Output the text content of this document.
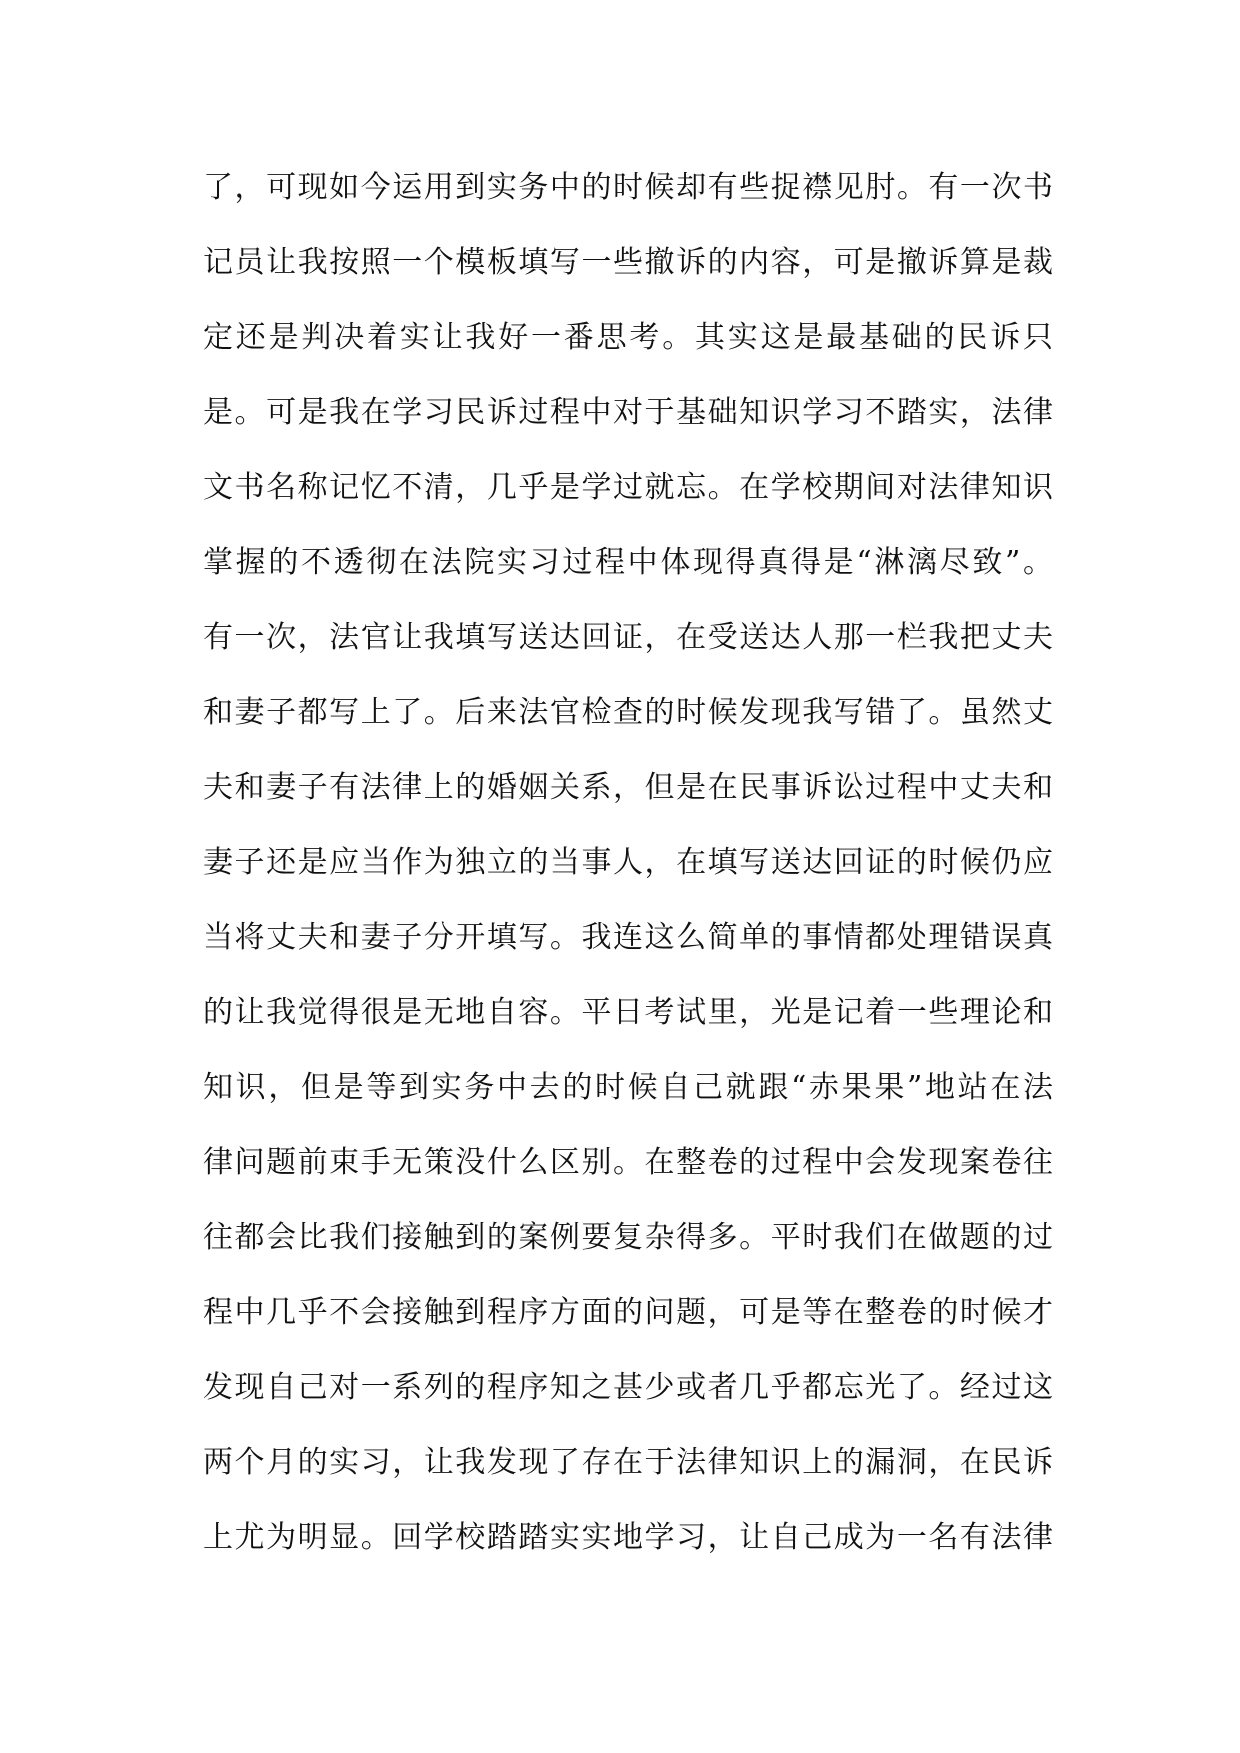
了，可现如今运用到实务中的时候却有些捉襟见肘。有一次书
记员让我按照一个模板填写一些撤诉的内容，可是撤诉算是裁
定还是判决着实让我好一番思考。其实这是最基础的民诉只
是。可是我在学习民诉过程中对于基础知识学习不踏实，法律
文书名称记忆不清，几乎是学过就忘。在学校期间对法律知识
掌握的不透彻在法院实习过程中体现得真得是“淋漓尽致”。
有一次，法官让我填写送达回证，在受送达人那一栏我把丈夫
和妻子都写上了。后来法官检查的时候发现我写错了。虽然丈
夫和妻子有法律上的婚姻关系，但是在民事诉讼过程中丈夫和
妻子还是应当作为独立的当事人，在填写送达回证的时候仍应
当将丈夫和妻子分开填写。我连这么简单的事情都处理错误真
的让我觉得很是无地自容。平日考试里，光是记着一些理论和
知识，但是等到实务中去的时候自己就跟“赤果果”地站在法
律问题前束手无策没什么区别。在整卷的过程中会发现案卷往
往都会比我们接触到的案例要复杂得多。平时我们在做题的过
程中几乎不会接触到程序方面的问题，可是等在整卷的时候才
发现自己对一系列的程序知之甚少或者几乎都忘光了。经过这
两个月的实习，让我发现了存在于法律知识上的漏洞，在民诉
上尤为明显。回学校踏踏实实地学习，让自己成为一名有法律
